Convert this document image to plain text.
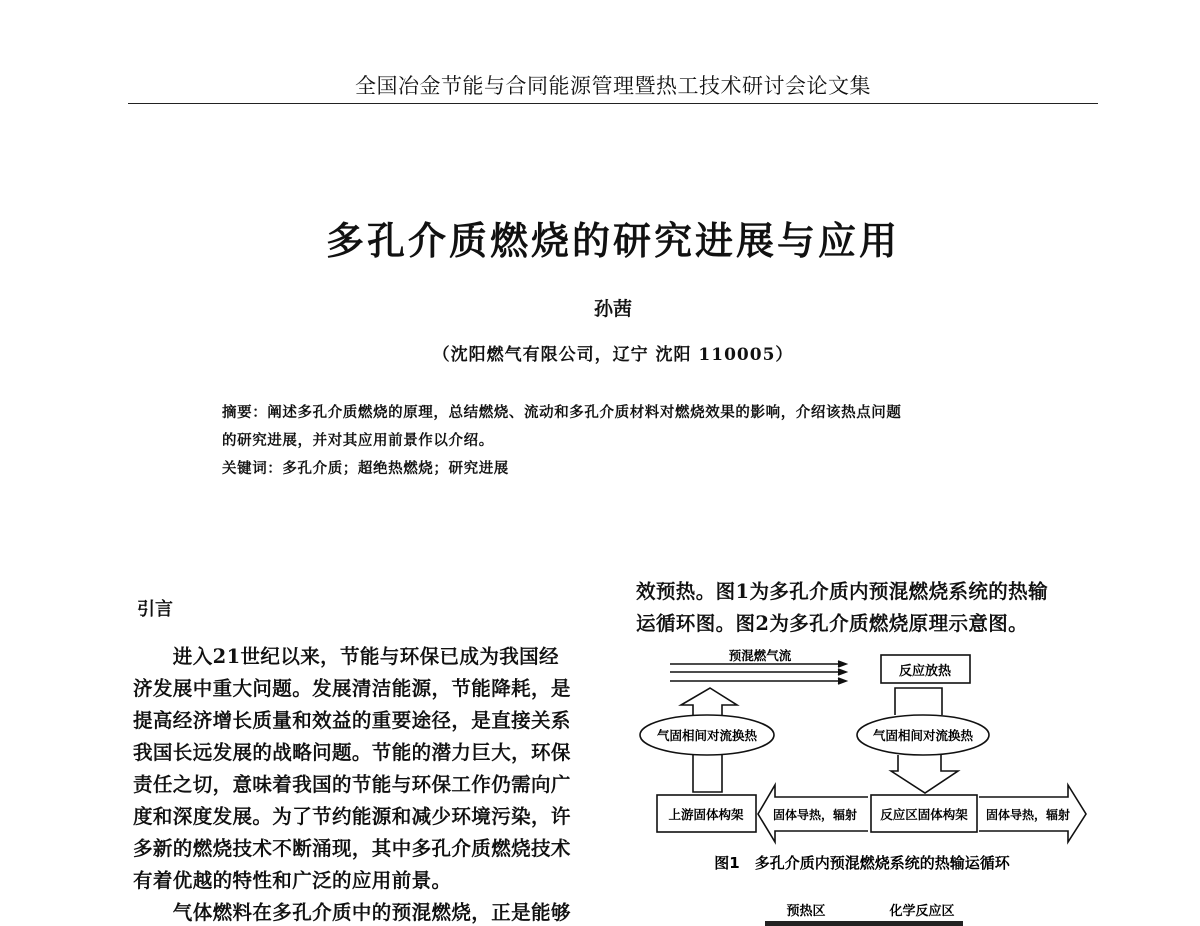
全国冶金节能与合同能源管理暨热工技术研讨会论文集
多孔介质燃烧的研究进展与应用
孙茜
（沈阳燃气有限公司，辽宁 沈阳 110005）
摘要：阐述多孔介质燃烧的原理，总结燃烧、流动和多孔介质材料对燃烧效果的影响，介绍该热点问题
的研究进展，并对其应用前景作以介绍。
关键词：多孔介质；超绝热燃烧；研究进展
引言
　　进入21世纪以来，节能与环保已成为我国经
济发展中重大问题。发展清洁能源，节能降耗，是
提高经济增长质量和效益的重要途径，是直接关系
我国长远发展的战略问题。节能的潜力巨大，环保
责任之切，意味着我国的节能与环保工作仍需向广
度和深度发展。为了节约能源和减少环境污染，许
多新的燃烧技术不断涌现，其中多孔介质燃烧技术
有着优越的特性和广泛的应用前景。
　　气体燃料在多孔介质中的预混燃烧，正是能够
效预热。图1为多孔介质内预混燃烧系统的热输
运循环图。图2为多孔介质燃烧原理示意图。
预混燃气流
反应放热
气固相间对流换热	气固相间对流换热
上游固体构架 固体导热，辐射 反应区固体构架 固体导热，辐射
图1　多孔介质内预混燃烧系统的热输运循环
预热区	化学反应区
